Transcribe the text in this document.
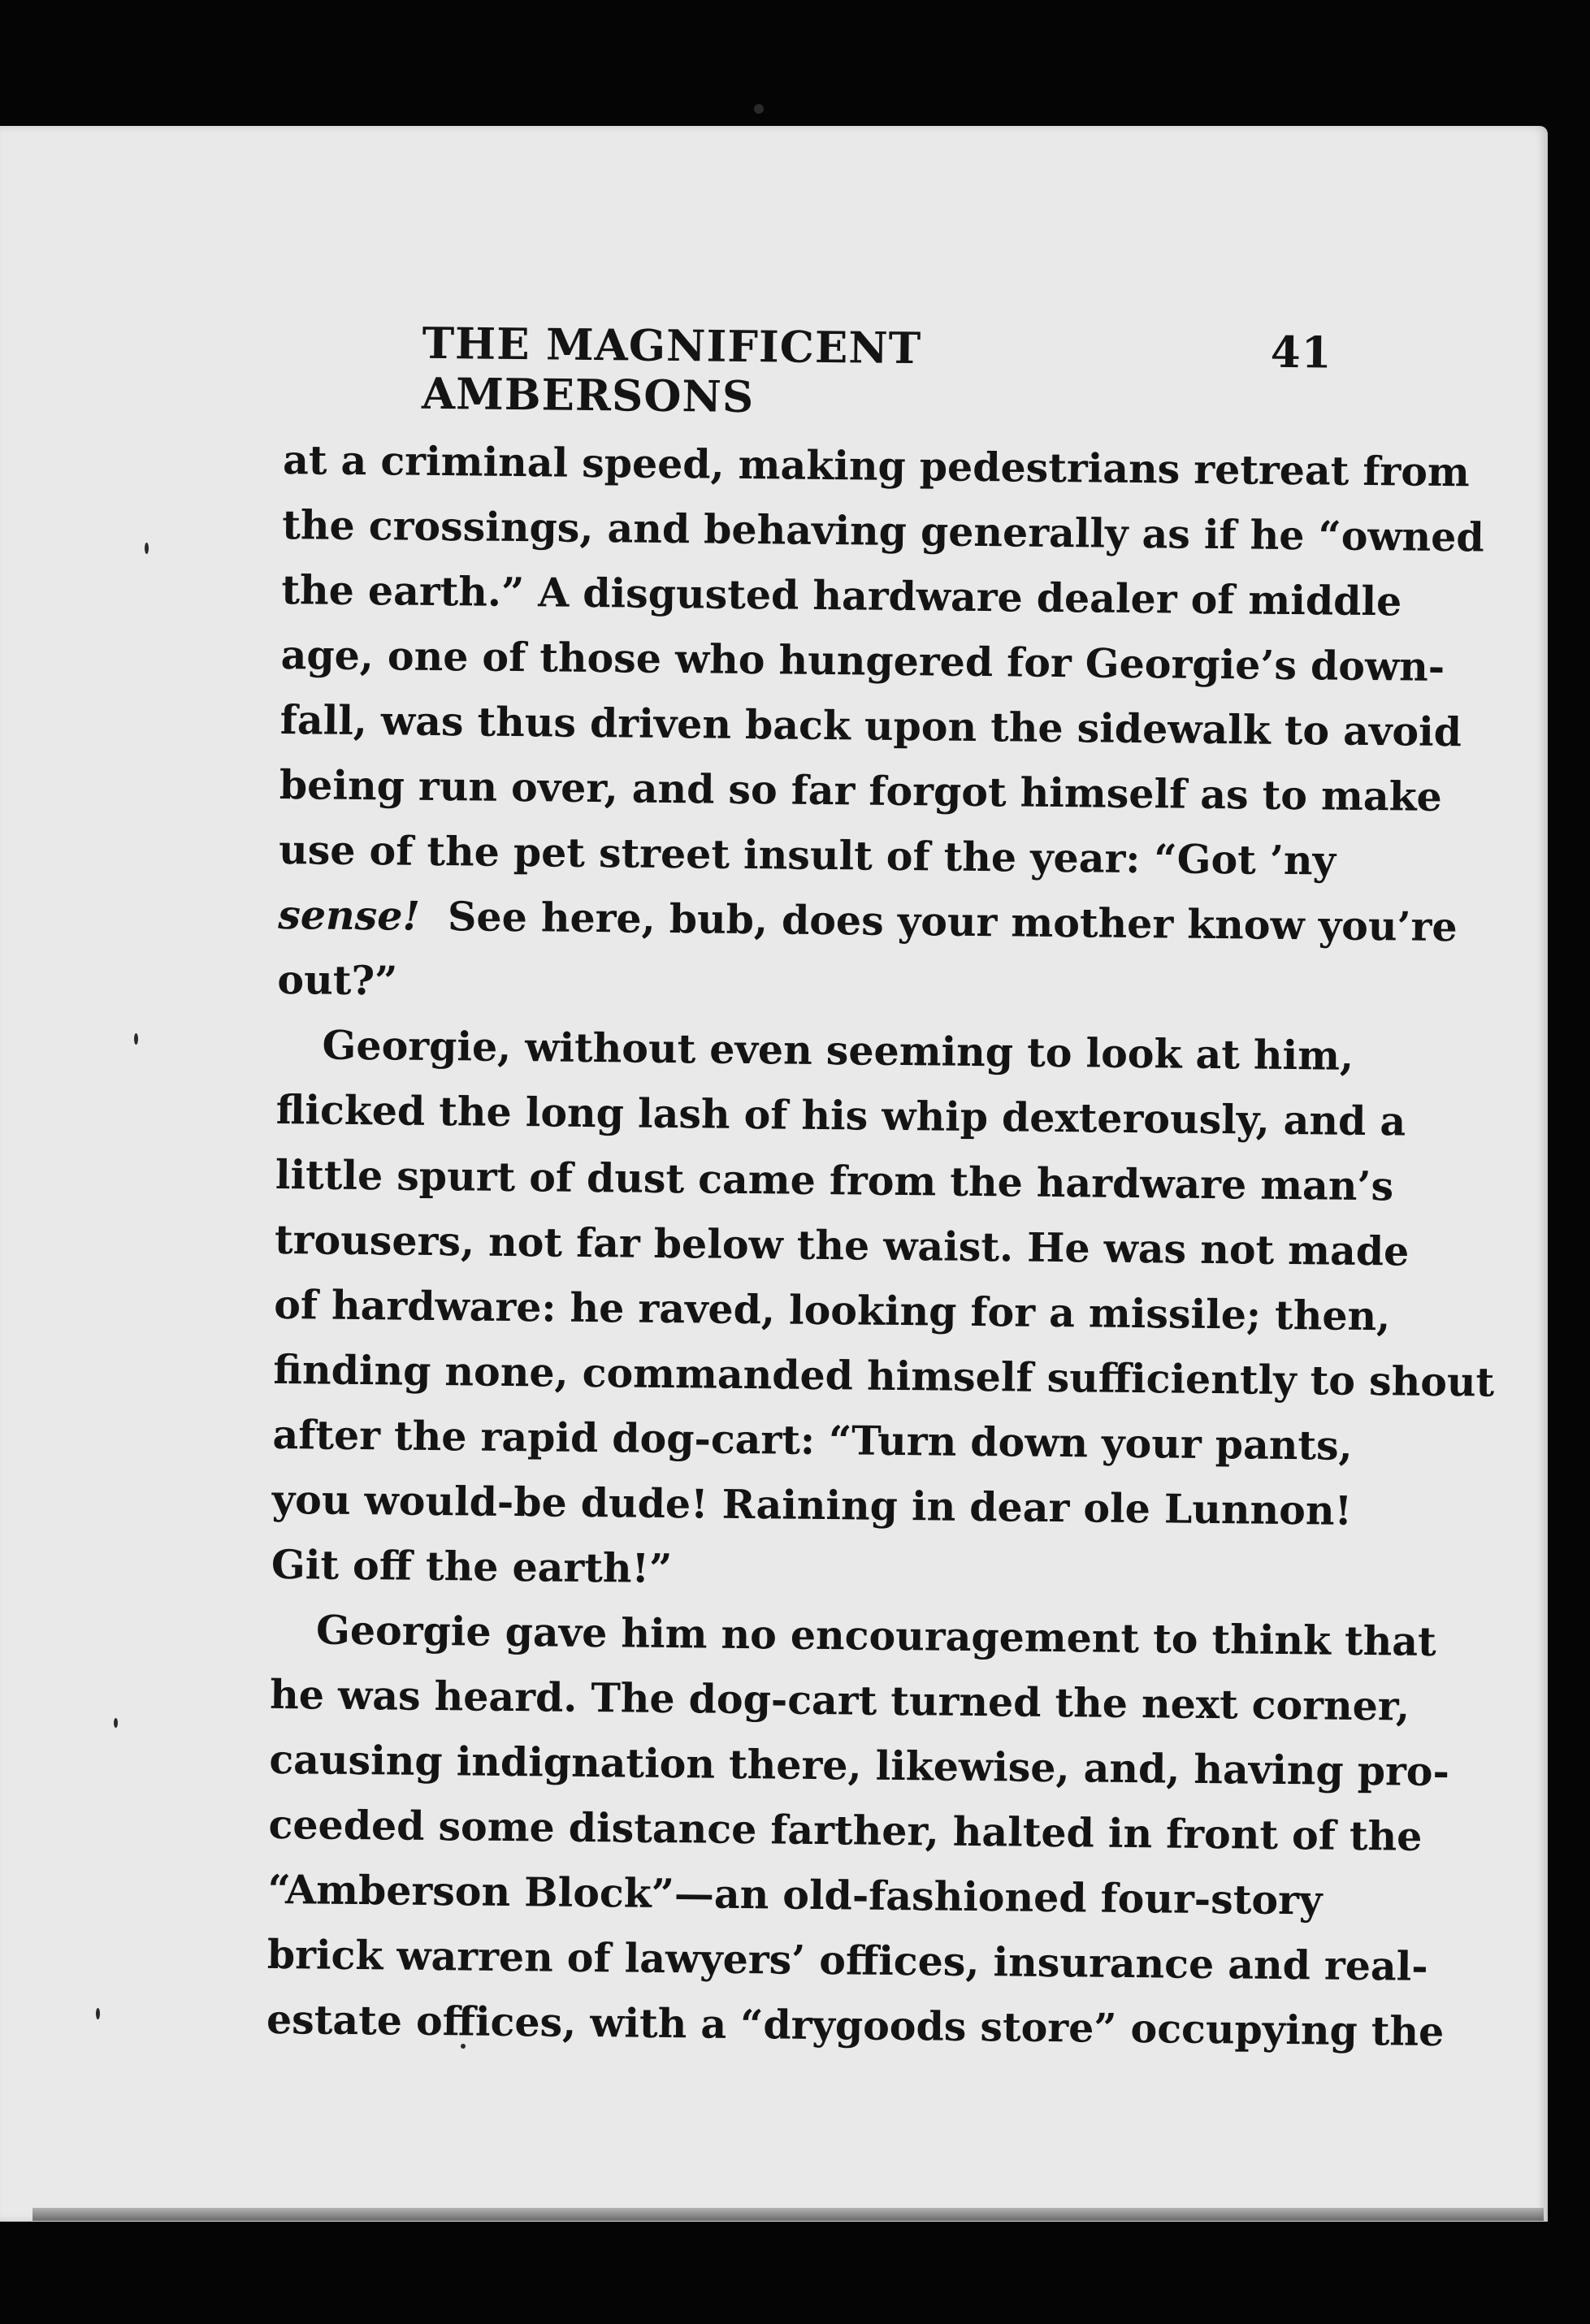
THE MAGNIFICENT AMBERSONS
41

at a criminal speed, making pedestrians retreat from
the crossings, and behaving generally as if he “owned
the earth.” A disgusted hardware dealer of middle
age, one of those who hungered for Georgie’s down-
fall, was thus driven back upon the sidewalk to avoid
being run over, and so far forgot himself as to make
use of the pet street insult of the year: “Got ’ny
sense! See here, bub, does your mother know you’re
out?”

Georgie, without even seeming to look at him,
flicked the long lash of his whip dexterously, and a
little spurt of dust came from the hardware man’s
trousers, not far below the waist. He was not made
of hardware: he raved, looking for a missile; then,
finding none, commanded himself sufficiently to shout
after the rapid dog-cart: “Turn down your pants,
you would-be dude! Raining in dear ole Lunnon!
Git off the earth!”

Georgie gave him no encouragement to think that
he was heard. The dog-cart turned the next corner,
causing indignation there, likewise, and, having pro-
ceeded some distance farther, halted in front of the
“Amberson Block”—an old-fashioned four-story
brick warren of lawyers’ offices, insurance and real-
estate offices, with a “drygoods store” occupying the
